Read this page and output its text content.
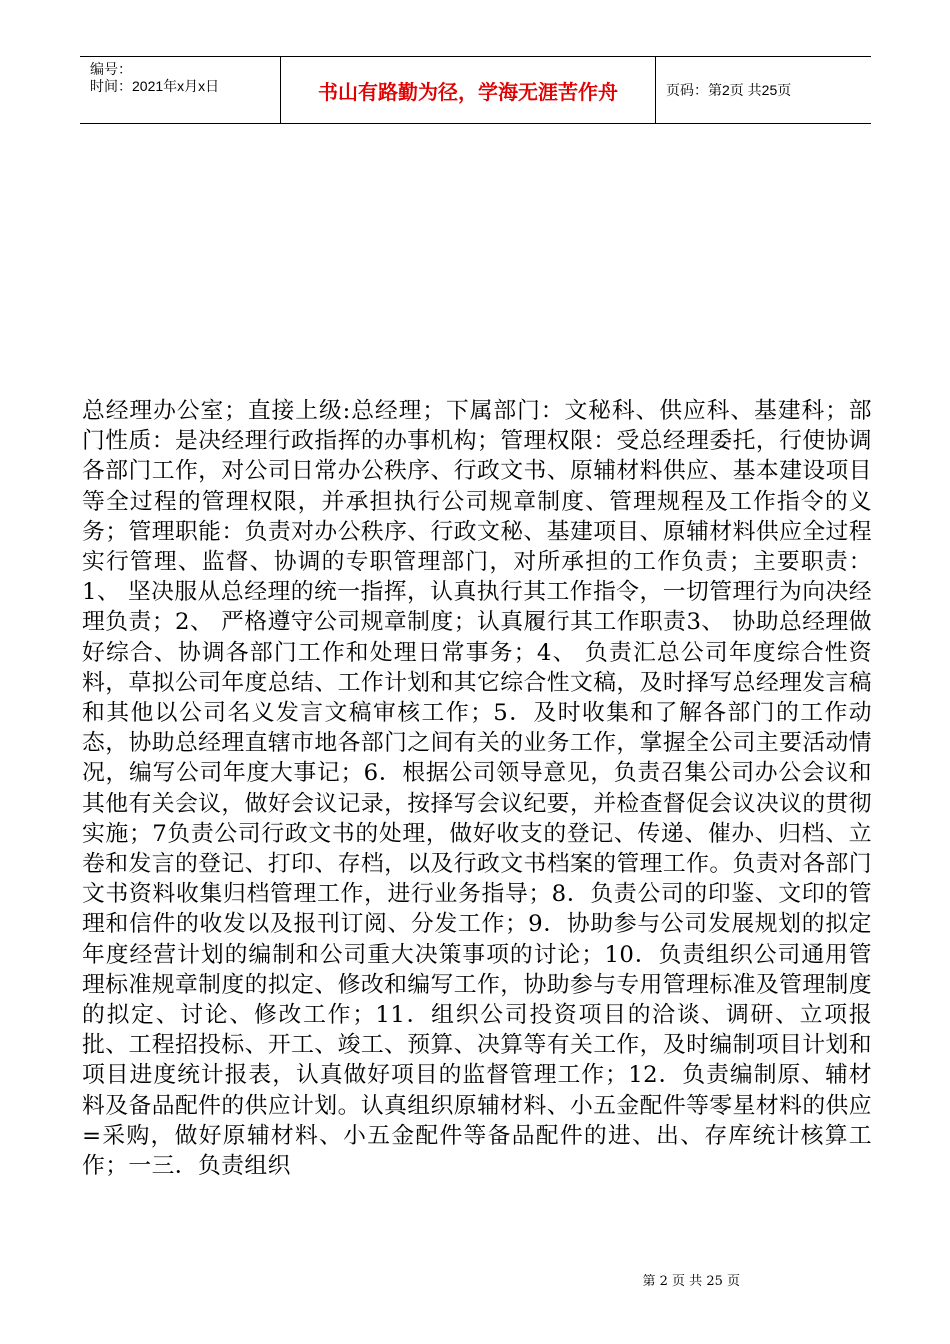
编号：
时间：2021年x月x日	书山有路勤为径，学海无涯苦作舟	页码：第2页 共25页
总经理办公室；直接上级:总经理；下属部门：文秘科、供应科、基建科；部门性质：是决经理行政指挥的办事机构；管理权限：受总经理委托，行使协调各部门工作，对公司日常办公秩序、行政文书、原辅材料供应、基本建设项目等全过程的管理权限，并承担执行公司规章制度、管理规程及工作指令的义务；管理职能：负责对办公秩序、行政文秘、基建项目、原辅材料供应全过程实行管理、监督、协调的专职管理部门，对所承担的工作负责；主要职责：1、 坚决服从总经理的统一指挥，认真执行其工作指令，一切管理行为向决经理负责；2、 严格遵守公司规章制度；认真履行其工作职责3、 协助总经理做好综合、协调各部门工作和处理日常事务；4、 负责汇总公司年度综合性资料，草拟公司年度总结、工作计划和其它综合性文稿，及时择写总经理发言稿和其他以公司名义发言文稿审核工作；5．及时收集和了解各部门的工作动态，协助总经理直辖市地各部门之间有关的业务工作，掌握全公司主要活动情况，编写公司年度大事记；6．根据公司领导意见，负责召集公司办公会议和其他有关会议，做好会议记录，按择写会议纪要，并检查督促会议决议的贯彻实施；7负责公司行政文书的处理，做好收支的登记、传递、催办、归档、立卷和发言的登记、打印、存档，以及行政文书档案的管理工作。负责对各部门文书资料收集归档管理工作，进行业务指导；8．负责公司的印鉴、文印的管理和信件的收发以及报刊订阅、分发工作；9．协助参与公司发展规划的拟定年度经营计划的编制和公司重大决策事项的讨论；10．负责组织公司通用管理标准规章制度的拟定、修改和编写工作，协助参与专用管理标准及管理制度的拟定、讨论、修改工作；11．组织公司投资项目的洽谈、调研、立项报批、工程招投标、开工、竣工、预算、决算等有关工作，及时编制项目计划和项目进度统计报表，认真做好项目的监督管理工作；12．负责编制原、辅材料及备品配件的供应计划。认真组织原辅材料、小五金配件等零星材料的供应=采购，做好原辅材料、小五金配件等备品配件的进、出、存库统计核算工作；一三．负责组织
第 2 页 共 25 页
